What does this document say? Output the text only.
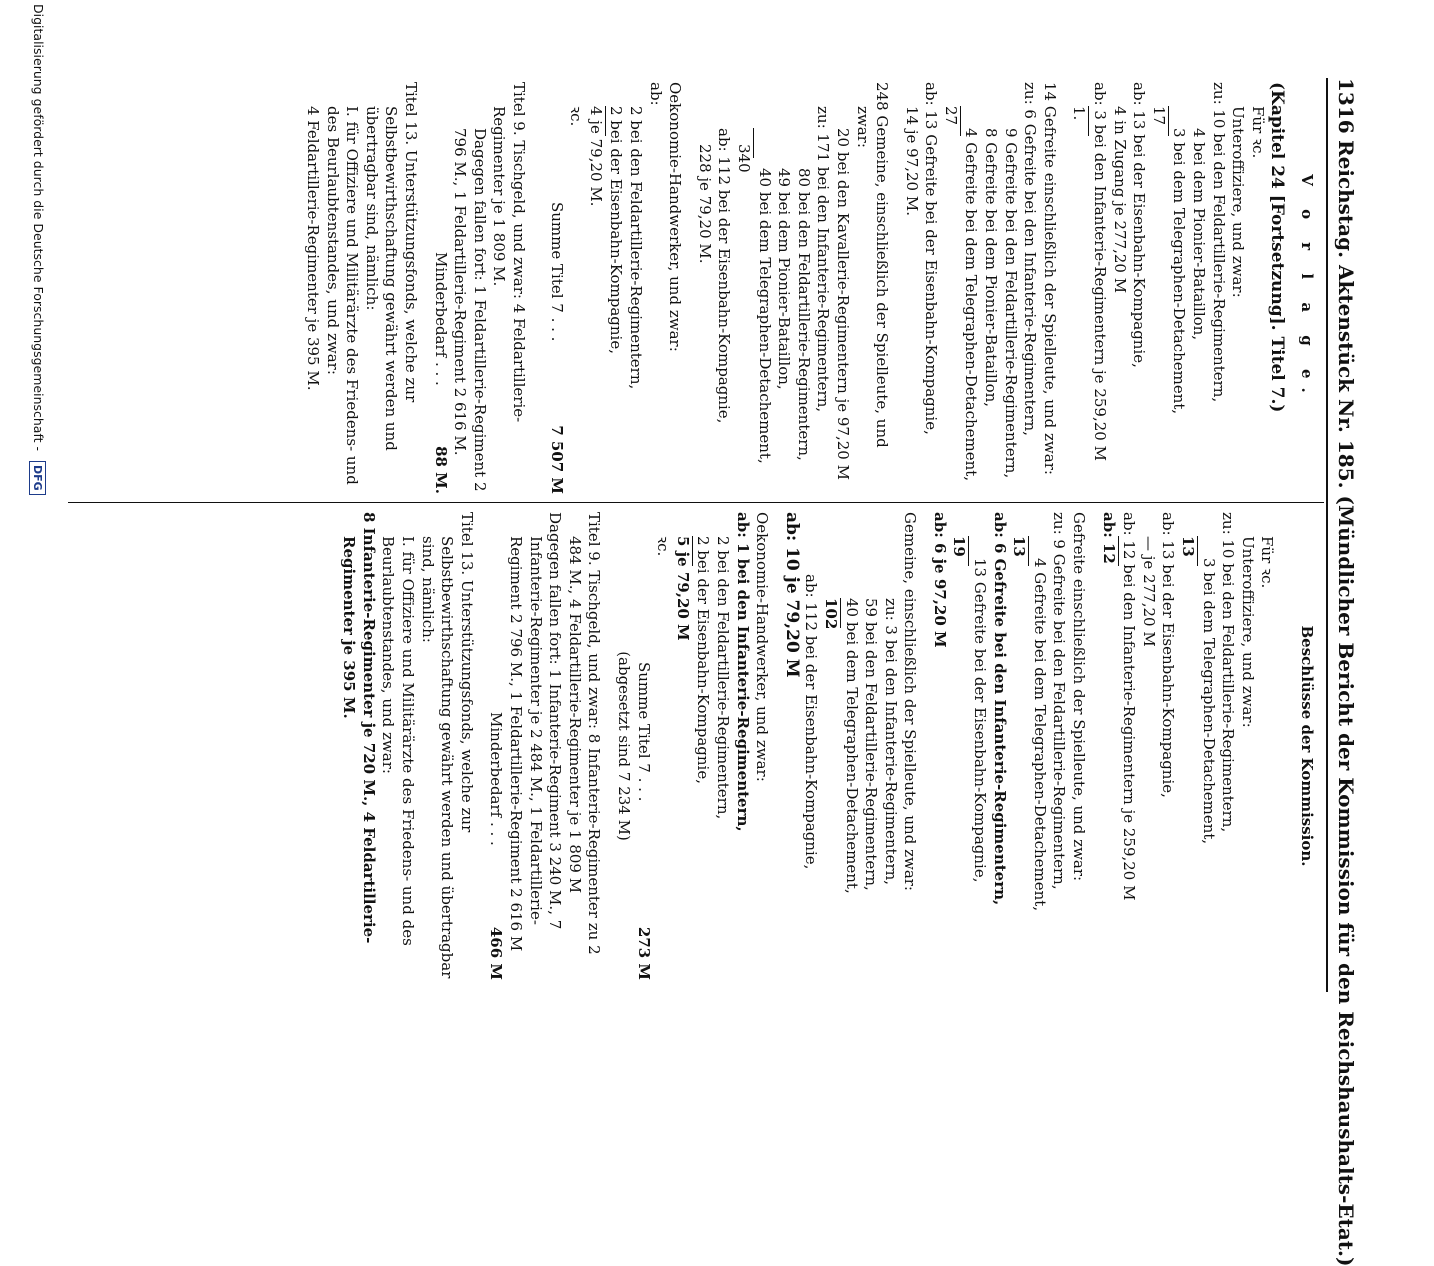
1316
Reichstag. Aktenstück Nr. 185. (Mündlicher Bericht der Kommission für den Reichshaushalts-Etat.)
V o r l a g e.
(Kapitel 24 [Fortsetzung]. Titel 7.)
Für ꝛc.
Unteroffiziere, und zwar:
zu: 10 bei den Feldartillerie-Regimentern,
4 bei dem Pionier-Bataillon,
3 bei dem Telegraphen-Detachement,
17
ab: 13 bei der Eisenbahn-Kompagnie,
4 in Zugang je 277,20 M
ab: 3 bei den Infanterie-Regimentern je 259,20 M
1.
14 Gefreite einschließlich der Spielleute, und zwar:
zu: 6 Gefreite bei den Infanterie-Regimentern,
9 Gefreite bei den Feldartillerie-Regimentern,
8 Gefreite bei dem Pionier-Bataillon,
4 Gefreite bei dem Telegraphen-Detachement,
27
ab: 13 Gefreite bei der Eisenbahn-Kompagnie,
14 je 97,20 M.
248 Gemeine, einschließlich der Spielleute, und zwar:
20 bei den Kavallerie-Regimentern je 97,20 M
zu: 171 bei den Infanterie-Regimentern,
80 bei den Feldartillerie-Regimentern,
49 bei dem Pionier-Bataillon,
40 bei dem Telegraphen-Detachement,
340
ab: 112 bei der Eisenbahn-Kompagnie,
228 je 79,20 M.
Oekonomie-Handwerker, und zwar:
ab:
2 bei den Feldartillerie-Regimentern,
2 bei der Eisenbahn-Kompagnie,
4 je 79,20 M.
ꝛc.
Summe Titel 7 . . .
7 507 M
Titel 9. Tischgeld, und zwar: 4 Feldartillerie-Regimenter je 1 809 M.
Dagegen fallen fort: 1 Feldartillerie-Regiment 2 796 M., 1 Feldartillerie-Regiment 2 616 M.
Minderbedarf . . .
88 M.
Titel 13. Unterstützungsfonds, welche zur Selbstbewirthschaftung gewährt werden und übertragbar sind, nämlich:
I. für Offiziere und Militärärzte des Friedens- und des Beurlaubtenstandes, und zwar:
4 Feldartillerie-Regimenter je 395 M.
Beschlüsse der Kommission.
Für ꝛc.
Unteroffiziere, und zwar:
zu: 10 bei den Feldartillerie-Regimentern,
3 bei dem Telegraphen-Detachement,
13
ab: 13 bei der Eisenbahn-Kompagnie,
— je 277,20 M
ab: 12 bei den Infanterie-Regimentern je 259,20 M
ab: 12
Gefreite einschließlich der Spielleute, und zwar:
zu: 9 Gefreite bei den Feldartillerie-Regimentern,
4 Gefreite bei dem Telegraphen-Detachement,
13
ab: 6 Gefreite bei den Infanterie-Regimentern,
13 Gefreite bei der Eisenbahn-Kompagnie,
19
ab: 6 je 97,20 M
Gemeine, einschließlich der Spielleute, und zwar:
zu: 3 bei den Infanterie-Regimentern,
59 bei den Feldartillerie-Regimentern,
40 bei dem Telegraphen-Detachement,
102
ab: 112 bei der Eisenbahn-Kompagnie,
ab: 10 je 79,20 M
Oekonomie-Handwerker, und zwar:
ab: 1 bei den Infanterie-Regimentern,
2 bei den Feldartillerie-Regimentern,
2 bei der Eisenbahn-Kompagnie,
5 je 79,20 M
ꝛc.
Summe Titel 7 . . .
273 M
(abgesetzt sind 7 234 M)
Titel 9. Tischgeld, und zwar: 8 Infanterie-Regimenter zu 2 484 M., 4 Feldartillerie-Regimenter je 1 809 M
Dagegen fallen fort: 1 Infanterie-Regiment 3 240 M., 7 Infanterie-Regimenter je 2 484 M., 1 Feldartillerie-Regiment 2 796 M., 1 Feldartillerie-Regiment 2 616 M
Minderbedarf . . .
466 M
Titel 13. Unterstützungsfonds, welche zur Selbstbewirthschaftung gewährt werden und übertragbar sind, nämlich:
I. für Offiziere und Militärärzte des Friedens- und des Beurlaubtenstandes, und zwar:
8 Infanterie-Regimenter je 720 M., 4 Feldartillerie-Regimenter je 395 M.
Digitalisierung gefördert durch die Deutsche Forschungsgemeinschaft - DFG
